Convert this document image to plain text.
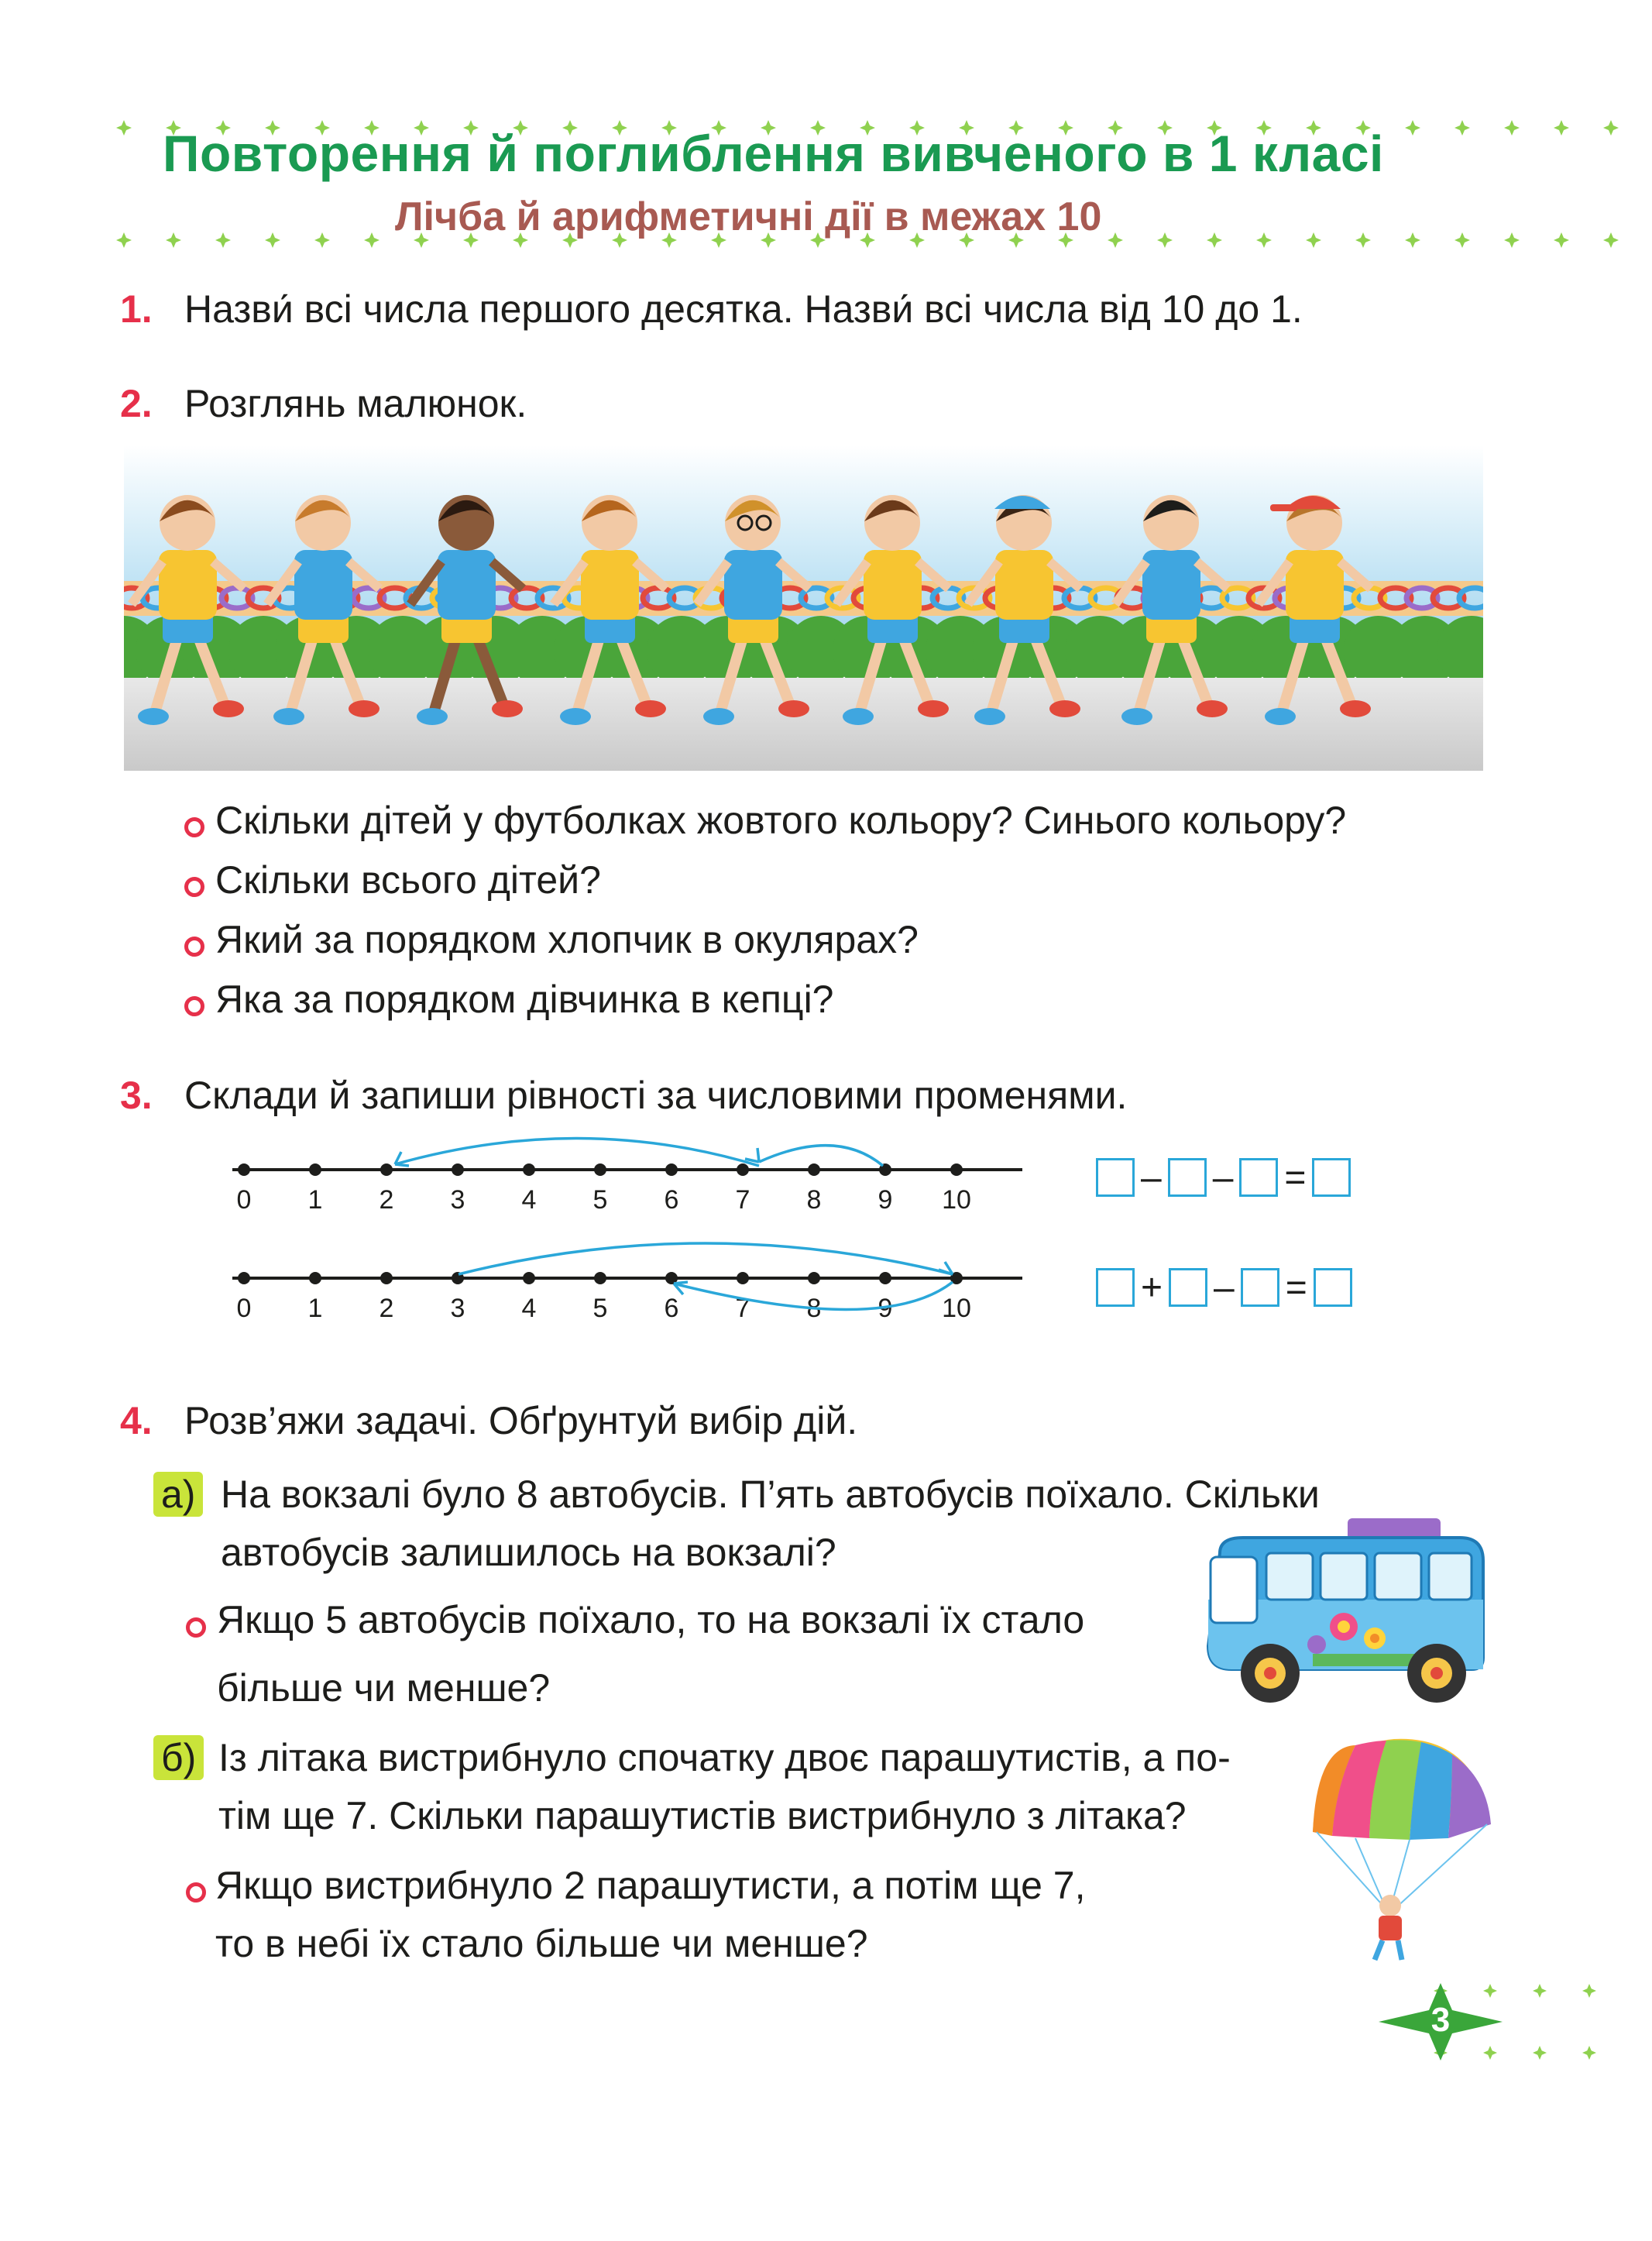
Повторення й поглиблення вивченого в 1 класі
Лічба й арифметичні дії в межах 10
1. Назви́ всі числа першого десятка. Назви́ всі числа від 10 до 1.
2. Розглянь малюнок.
Скільки дітей у футболках жовтого кольору? Синього кольору?
Скільки всього дітей?
Який за порядком хлопчик в окулярах?
Яка за порядком дівчинка в кепці?
3. Склади й запиши рівності за числовими променями.
0 1 2 3 4 5 6 7 8 9 10
0 1 2 3 4 5 6 7 8 9 10
– – =
+ – =
4. Розв’яжи задачі. Обґрунтуй вибір дій.
а) На вокзалі було 8 автобусів. П’ять автобусів поїхало. Скільки
автобусів залишилось на вокзалі?
Якщо 5 автобусів поїхало, то на вокзалі їх стало
більше чи менше?
б) Із літака вистрибнуло спочатку двоє парашутистів, а по-
тім ще 7. Скільки парашутистів вистрибнуло з літака?
Якщо вистрибнуло 2 парашутисти, а потім ще 7,
то в небі їх стало більше чи менше?
3
